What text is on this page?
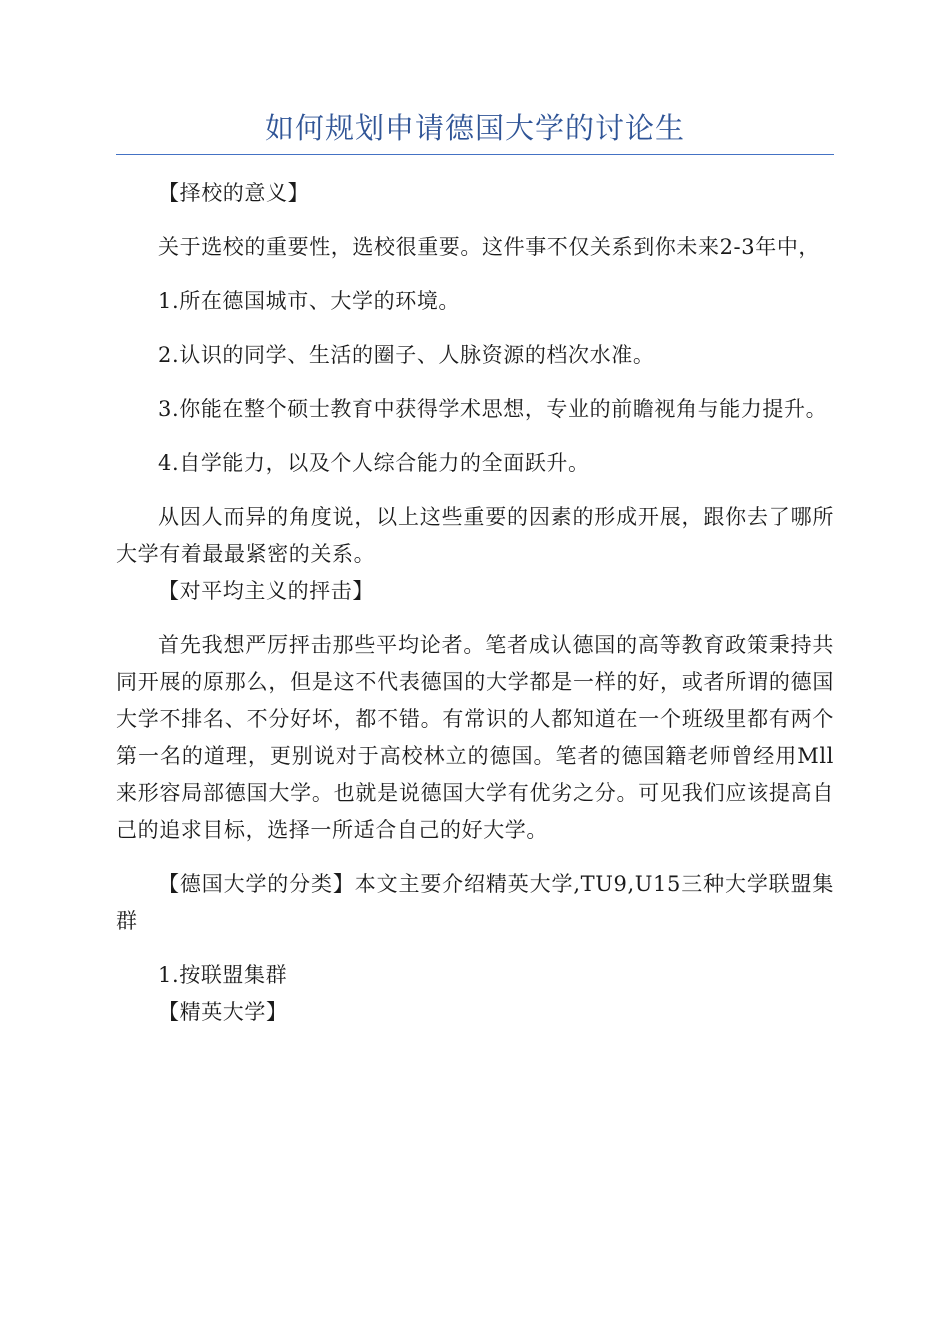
如何规划申请德国大学的讨论生

【择校的意义】

关于选校的重要性，选校很重要。这件事不仅关系到你未来2-3年中，

1.所在德国城市、大学的环境。

2.认识的同学、生活的圈子、人脉资源的档次水准。

3.你能在整个硕士教育中获得学术思想，专业的前瞻视角与能力提升。

4.自学能力，以及个人综合能力的全面跃升。

从因人而异的角度说，以上这些重要的因素的形成开展，跟你去了哪所大学有着最最紧密的关系。

【对平均主义的抨击】

首先我想严厉抨击那些平均论者。笔者成认德国的高等教育政策秉持共同开展的原那么，但是这不代表德国的大学都是一样的好，或者所谓的德国大学不排名、不分好坏，都不错。有常识的人都知道在一个班级里都有两个第一名的道理，更别说对于高校林立的德国。笔者的德国籍老师曾经用Mll来形容局部德国大学。也就是说德国大学有优劣之分。可见我们应该提高自己的追求目标，选择一所适合自己的好大学。

【德国大学的分类】本文主要介绍精英大学,TU9,U15三种大学联盟集群

1.按联盟集群

【精英大学】
